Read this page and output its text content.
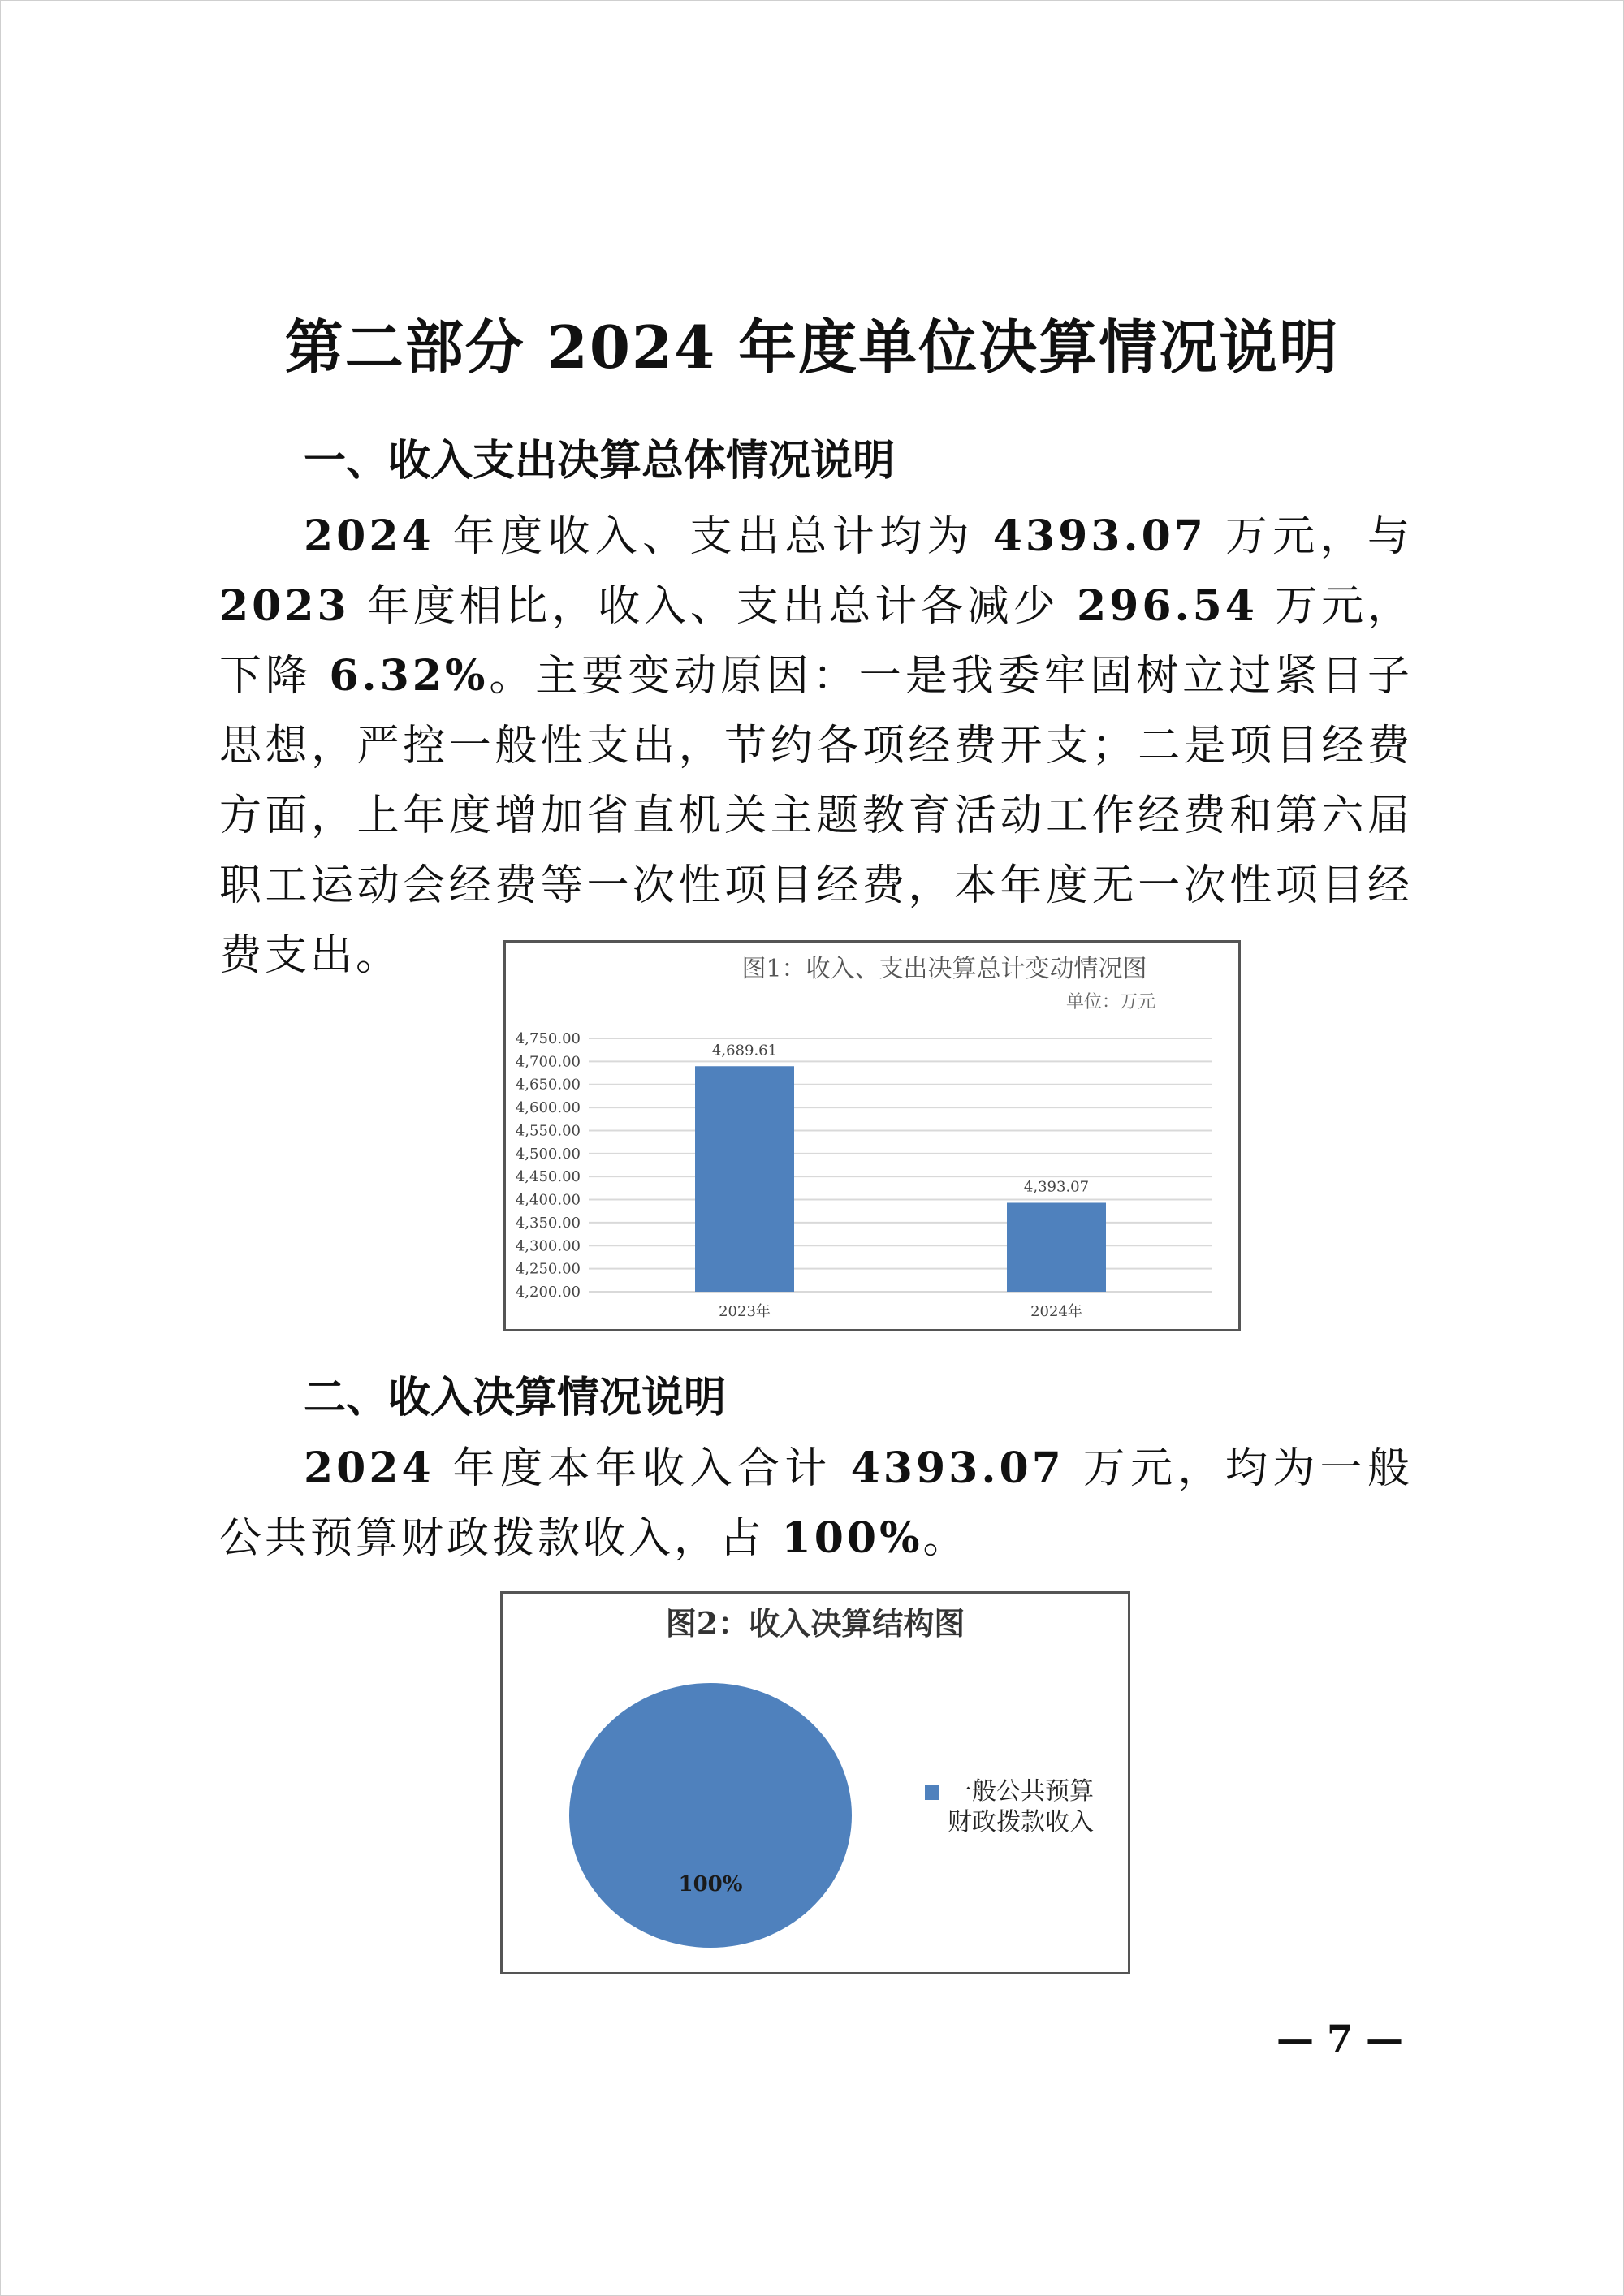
第二部分 2024 年度单位决算情况说明
一、收入支出决算总体情况说明
2024 年度收入、支出总计均为 4393.07 万元，与 2023 年度相比，收入、支出总计各减少 296.54 万元，下降 6.32%。主要变动原因：一是我委牢固树立过紧日子思想，严控一般性支出，节约各项经费开支；二是项目经费方面，上年度增加省直机关主题教育活动工作经费和第六届职工运动会经费等一次性项目经费，本年度无一次性项目经费支出。	图1：收入、支出决算总计变动情况图
单位：万元
4,200.00
4,250.00
4,300.00
4,350.00
4,400.00
4,450.00
4,500.00
4,550.00
4,600.00
4,650.00
4,700.00
4,750.00
4,689.61
4,393.07
2023年	2024年
二、收入决算情况说明
2024 年度本年收入合计 4393.07 万元，均为一般公共预算财政拨款收入，占 100%。
图2：收入决算结构图
100%
一般公共预算
财政拨款收入
— 7 —
